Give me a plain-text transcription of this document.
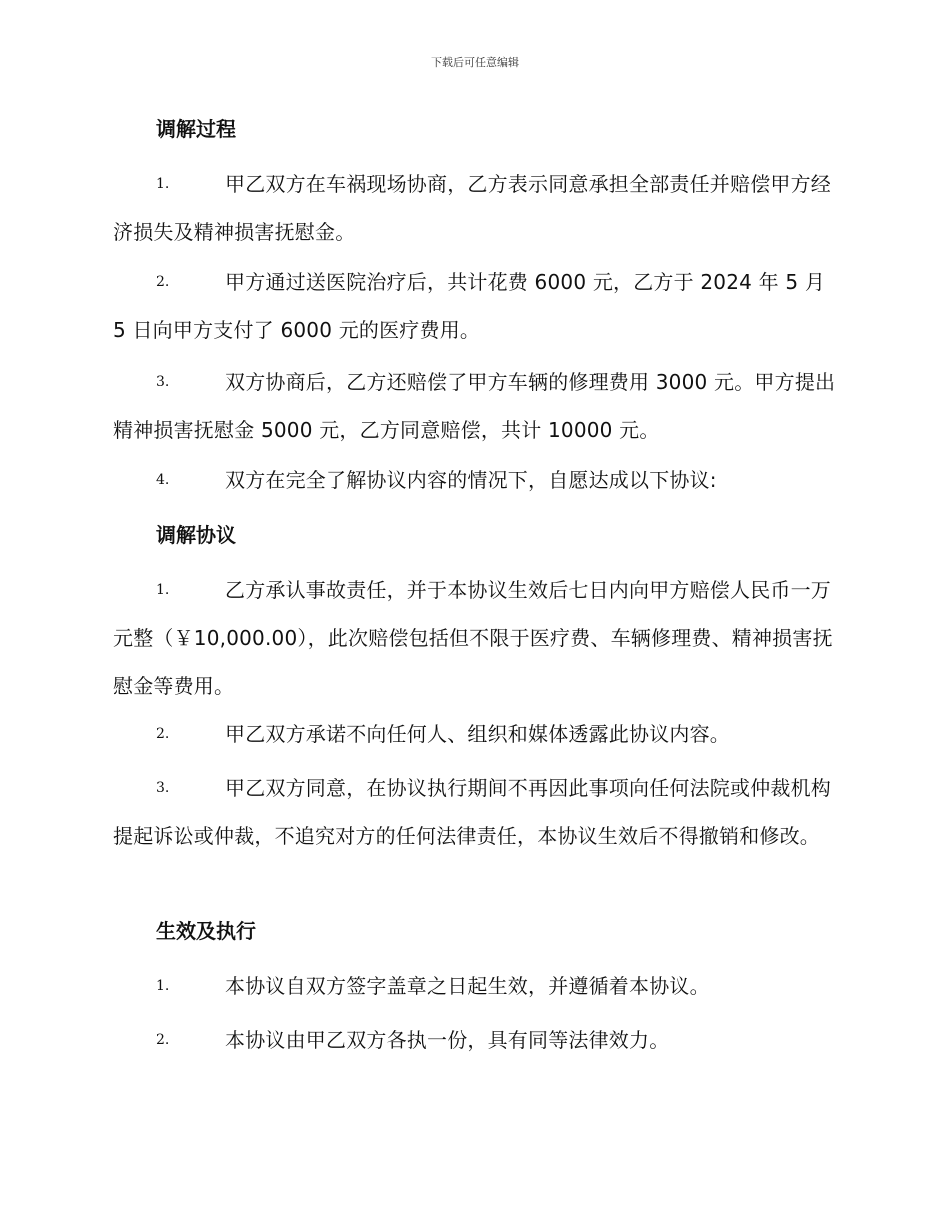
下载后可任意编辑
调解过程
1.	甲乙双方在车祸现场协商，乙方表示同意承担全部责任并赔偿甲方经济损失及精神损害抚慰金。

2.	甲方通过送医院治疗后，共计花费 6000 元，乙方于 2024 年 5 月 5 日向甲方支付了 6000 元的医疗费用。

3.	双方协商后，乙方还赔偿了甲方车辆的修理费用 3000 元。甲方提出精神损害抚慰金 5000 元，乙方同意赔偿，共计 10000 元。

4.	双方在完全了解协议内容的情况下，自愿达成以下协议:

调解协议
1.	乙方承认事故责任，并于本协议生效后七日内向甲方赔偿人民币一万元整（￥10,000.00），此次赔偿包括但不限于医疗费、车辆修理费、精神损害抚慰金等费用。

2.	甲乙双方承诺不向任何人、组织和媒体透露此协议内容。

3.	甲乙双方同意，在协议执行期间不再因此事项向任何法院或仲裁机构提起诉讼或仲裁，不追究对方的任何法律责任，本协议生效后不得撤销和修改。

生效及执行
1.	本协议自双方签字盖章之日起生效，并遵循着本协议。

2.	本协议由甲乙双方各执一份，具有同等法律效力。
